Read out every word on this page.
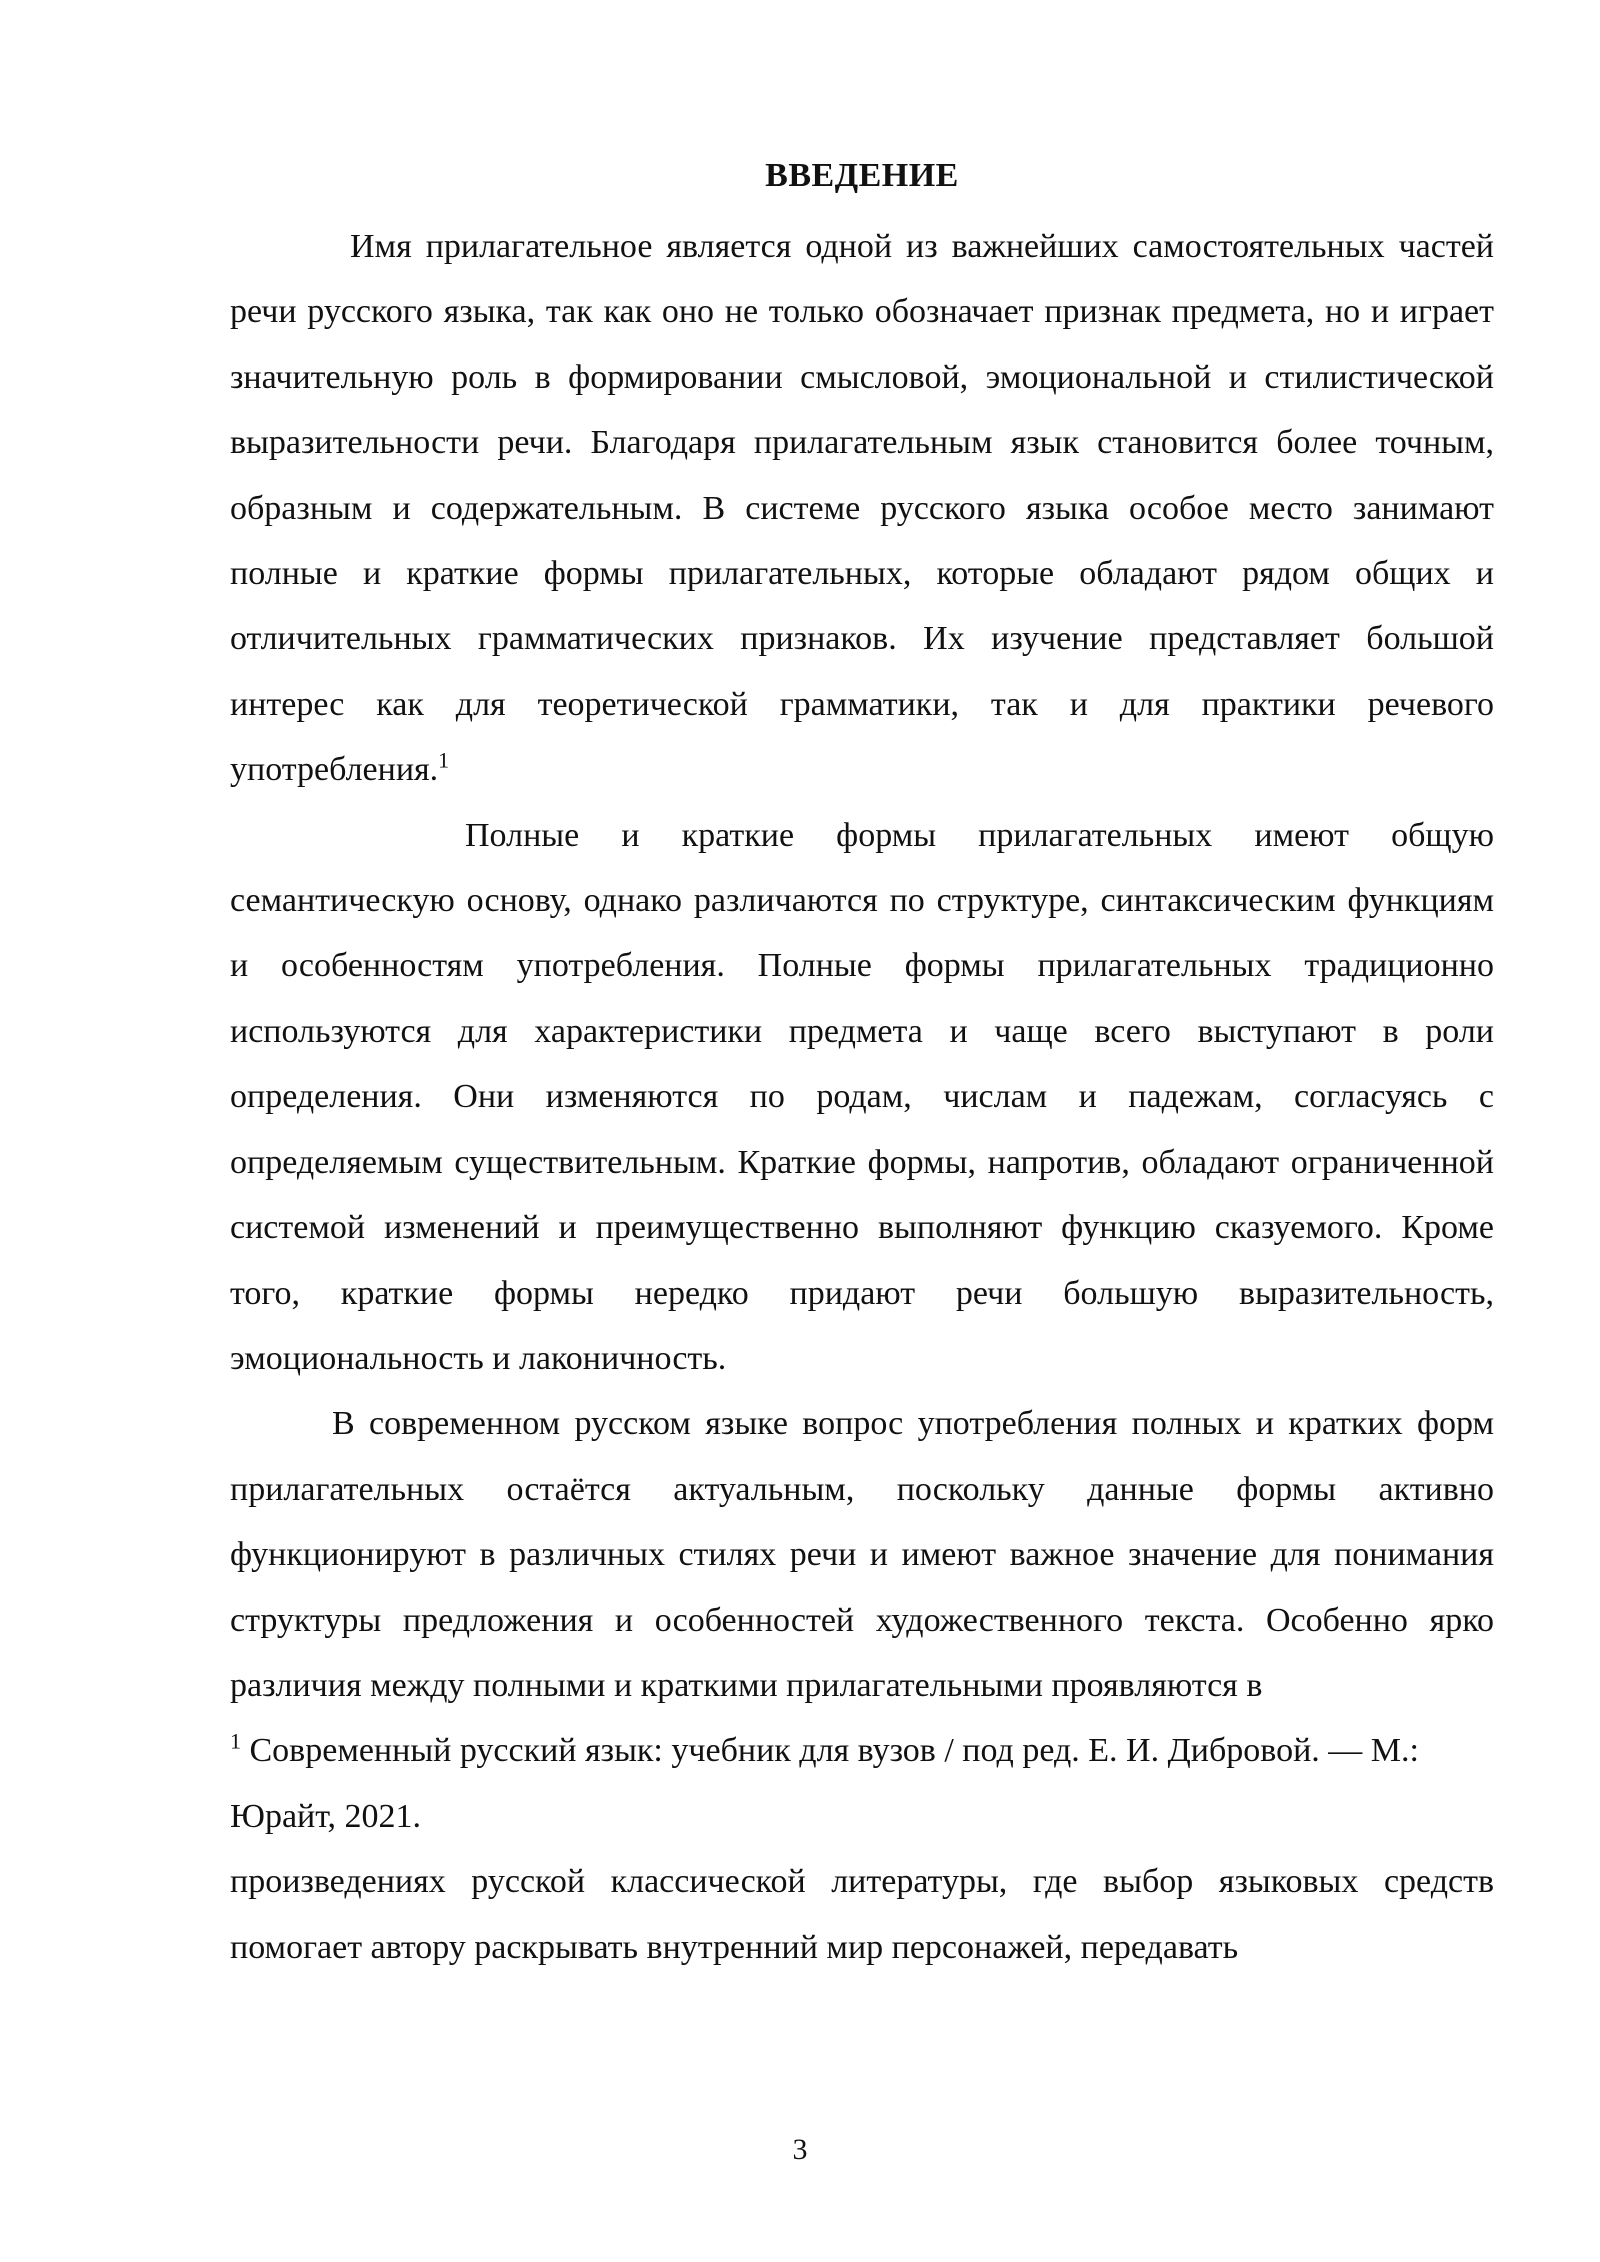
ВВЕДЕНИЕ

Имя прилагательное является одной из важнейших самостоятельных частей речи русского языка, так как оно не только обозначает признак предмета, но и играет значительную роль в формировании смысловой, эмоциональной и стилистической выразительности речи. Благодаря прилагательным язык становится более точным, образным и содержательным. В системе русского языка особое место занимают полные и краткие формы прилагательных, которые обладают рядом общих и отличительных грамматических признаков. Их изучение представляет большой интерес как для теоретической грамматики, так и для практики речевого употребления.$^1$

Полные и краткие формы прилагательных имеют общую семантическую основу, однако различаются по структуре, синтаксическим функциям и особенностям употребления. Полные формы прилагательных традиционно используются для характеристики предмета и чаще всего выступают в роли определения. Они изменяются по родам, числам и падежам, согласуясь с определяемым существительным. Краткие формы, напротив, обладают ограниченной системой изменений и преимущественно выполняют функцию сказуемого. Кроме того, краткие формы нередко придают речи большую выразительность, эмоциональность и лаконичность.

В современном русском языке вопрос употребления полных и кратких форм прилагательных остаётся актуальным, поскольку данные формы активно функционируют в различных стилях речи и имеют важное значение для понимания структуры предложения и особенностей художественного текста. Особенно ярко различия между полными и краткими прилагательными проявляются в

$^1$ Современный русский язык: учебник для вузов / под ред. Е. И. Дибровой. — М.: Юрайт, 2021.

произведениях русской классической литературы, где выбор языковых средств помогает автору раскрывать внутренний мир персонажей, передавать

3
